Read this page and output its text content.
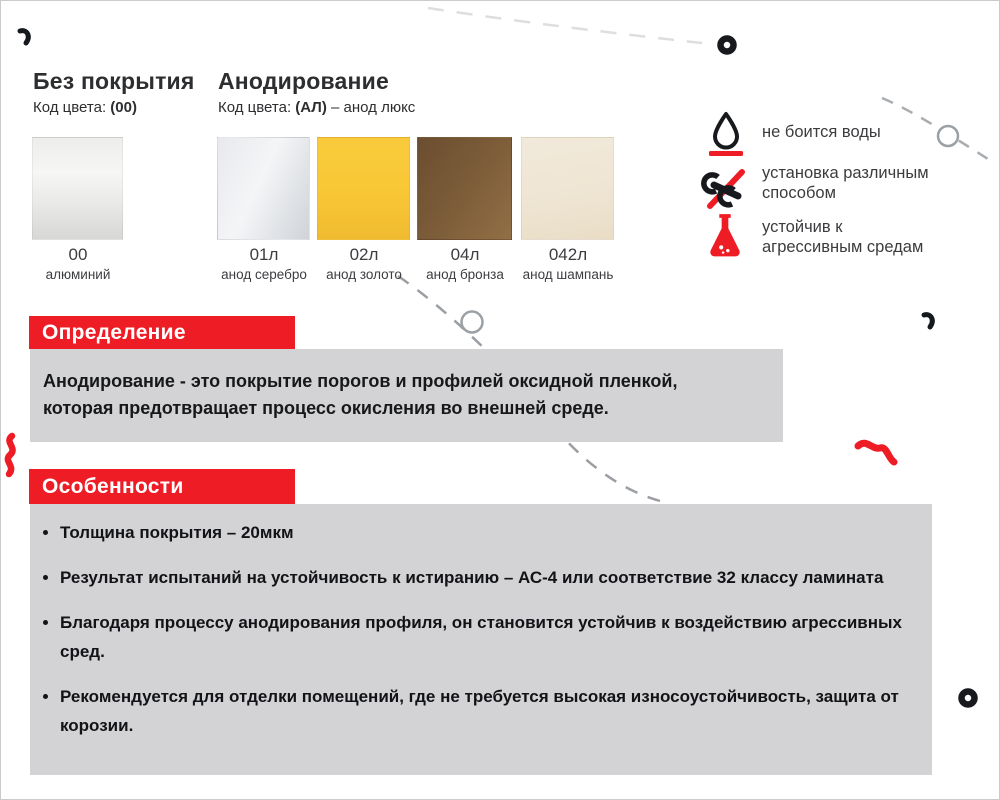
Без покрытия
Код цвета: (00)
Анодирование
Код цвета: (АЛ) – анод люкс
00
алюминий
01л
анод серебро
02л
анод золото
04л
анод бронза
042л
анод шампань
не боится воды
установка различным
способом
устойчив к
агрессивным средам
Определение
Анодирование - это покрытие порогов и профилей оксидной пленкой,
которая предотвращает процесс окисления во внешней среде.
Особенности
• Толщина покрытия – 20мкм
• Результат испытаний на устойчивость к истиранию – АС-4 или соответствие 32 классу ламината
• Благодаря процессу анодирования профиля, он становится устойчив к воздействию агрессивных сред.
• Рекомендуется для отделки помещений, где не требуется высокая износоустойчивость, защита от корозии.
